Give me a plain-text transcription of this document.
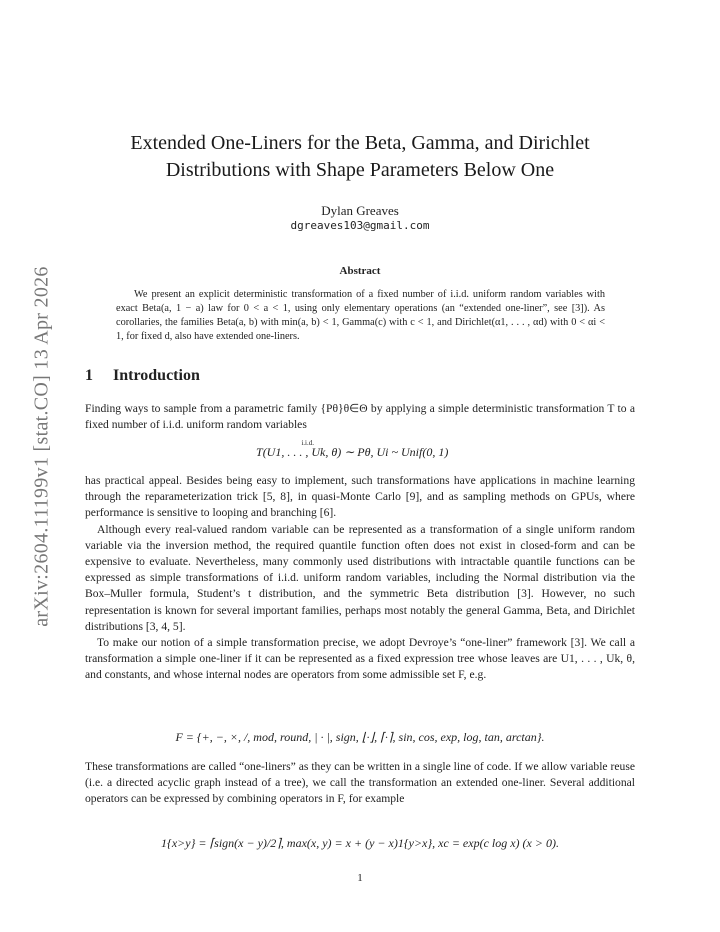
arXiv:2604.11199v1 [stat.CO] 13 Apr 2026
Extended One-Liners for the Beta, Gamma, and Dirichlet
Distributions with Shape Parameters Below One
Dylan Greaves
dgreaves103@gmail.com
Abstract

We present an explicit deterministic transformation of a fixed number of i.i.d. uniform random variables with exact Beta(a, 1 − a) law for 0 < a < 1, using only elementary operations (an “extended one-liner”, see [3]). As corollaries, the families Beta(a, b) with min(a, b) < 1, Gamma(c) with c < 1, and Dirichlet(α1, . . . , αd) with 0 < αi < 1, for fixed d, also have extended one-liners.

1 Introduction

Finding ways to sample from a parametric family {Pθ}θ∈Θ by applying a simple deterministic transformation T to a fixed number of i.i.d. uniform random variables

T(U1, . . . , Uk, θ) ∼ Pθ, Ui ~ Unif(0, 1) $^{i.i.d.}$

has practical appeal. Besides being easy to implement, such transformations have applications in machine learning through the reparameterization trick [5, 8], in quasi-Monte Carlo [9], and as sampling methods on GPUs, where performance is sensitive to looping and branching [6].

Although every real-valued random variable can be represented as a transformation of a single uniform random variable via the inversion method, the required quantile function often does not exist in closed-form and can be expensive to evaluate. Nevertheless, many commonly used distributions with intractable quantile functions can be expressed as simple transformations of i.i.d. uniform random variables, including the Normal distribution via the Box–Muller formula, Student’s t distribution, and the symmetric Beta distribution [3]. However, no such representation is known for several important families, perhaps most notably the general Gamma, Beta, and Dirichlet distributions [3, 4, 5].

To make our notion of a simple transformation precise, we adopt Devroye’s “one-liner” framework [3]. We call a transformation a simple one-liner if it can be represented as a fixed expression tree whose leaves are U1, . . . , Uk, θ, and constants, and whose internal nodes are operators from some admissible set F, e.g.

F = {+, −, ×, /, mod, round, | · |, sign, ⌊·⌋, ⌈·⌉, sin, cos, exp, log, tan, arctan}.

These transformations are called “one-liners” as they can be written in a single line of code. If we allow variable reuse (i.e. a directed acyclic graph instead of a tree), we call the transformation an extended one-liner. Several additional operators can be expressed by combining operators in F, for example

1{x>y} = ⌈sign(x − y)/2⌉, max(x, y) = x + (y − x)1{y>x}, xc = exp(c log x) (x > 0).
1
